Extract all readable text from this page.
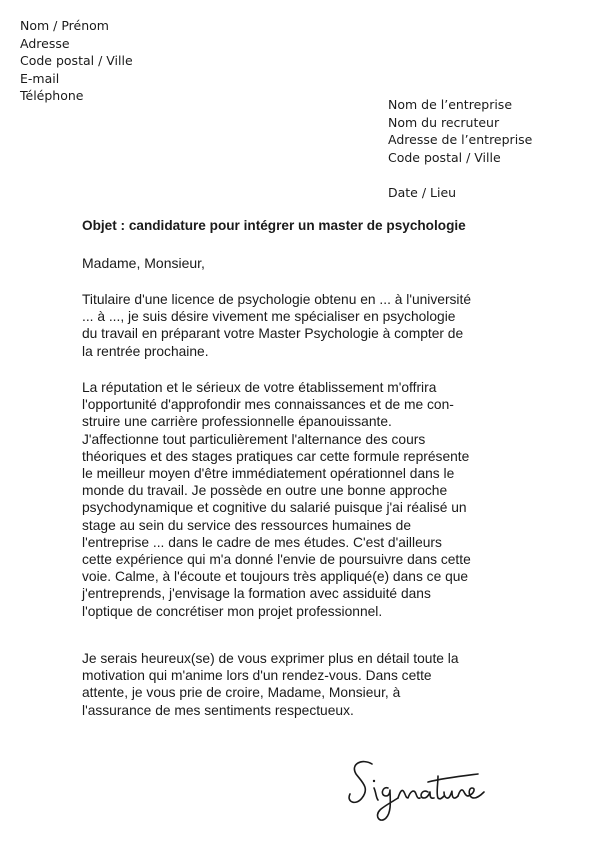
Nom / Prénom
Adresse
Code postal / Ville
E-mail
Téléphone
Nom de l’entreprise
Nom du recruteur
Adresse de l’entreprise
Code postal / Ville
Date / Lieu
Objet : candidature pour intégrer un master de psychologie
Madame, Monsieur,
Titulaire d'une licence de psychologie obtenu en ... à l'université
... à ..., je suis désire vivement me spécialiser en psychologie
du travail en préparant votre Master Psychologie à compter de
la rentrée prochaine.
La réputation et le sérieux de votre établissement m'offrira
l'opportunité d'approfondir mes connaissances et de me con-
struire une carrière professionnelle épanouissante.
J'affectionne tout particulièrement l'alternance des cours
théoriques et des stages pratiques car cette formule représente
le meilleur moyen d'être immédiatement opérationnel dans le
monde du travail. Je possède en outre une bonne approche
psychodynamique et cognitive du salarié puisque j'ai réalisé un
stage au sein du service des ressources humaines de
l'entreprise ... dans le cadre de mes études. C'est d'ailleurs
cette expérience qui m'a donné l'envie de poursuivre dans cette
voie. Calme, à l'écoute et toujours très appliqué(e) dans ce que
j'entreprends, j'envisage la formation avec assiduité dans
l'optique de concrétiser mon projet professionnel.
Je serais heureux(se) de vous exprimer plus en détail toute la
motivation qui m'anime lors d'un rendez-vous. Dans cette
attente, je vous prie de croire, Madame, Monsieur, à
l'assurance de mes sentiments respectueux.
